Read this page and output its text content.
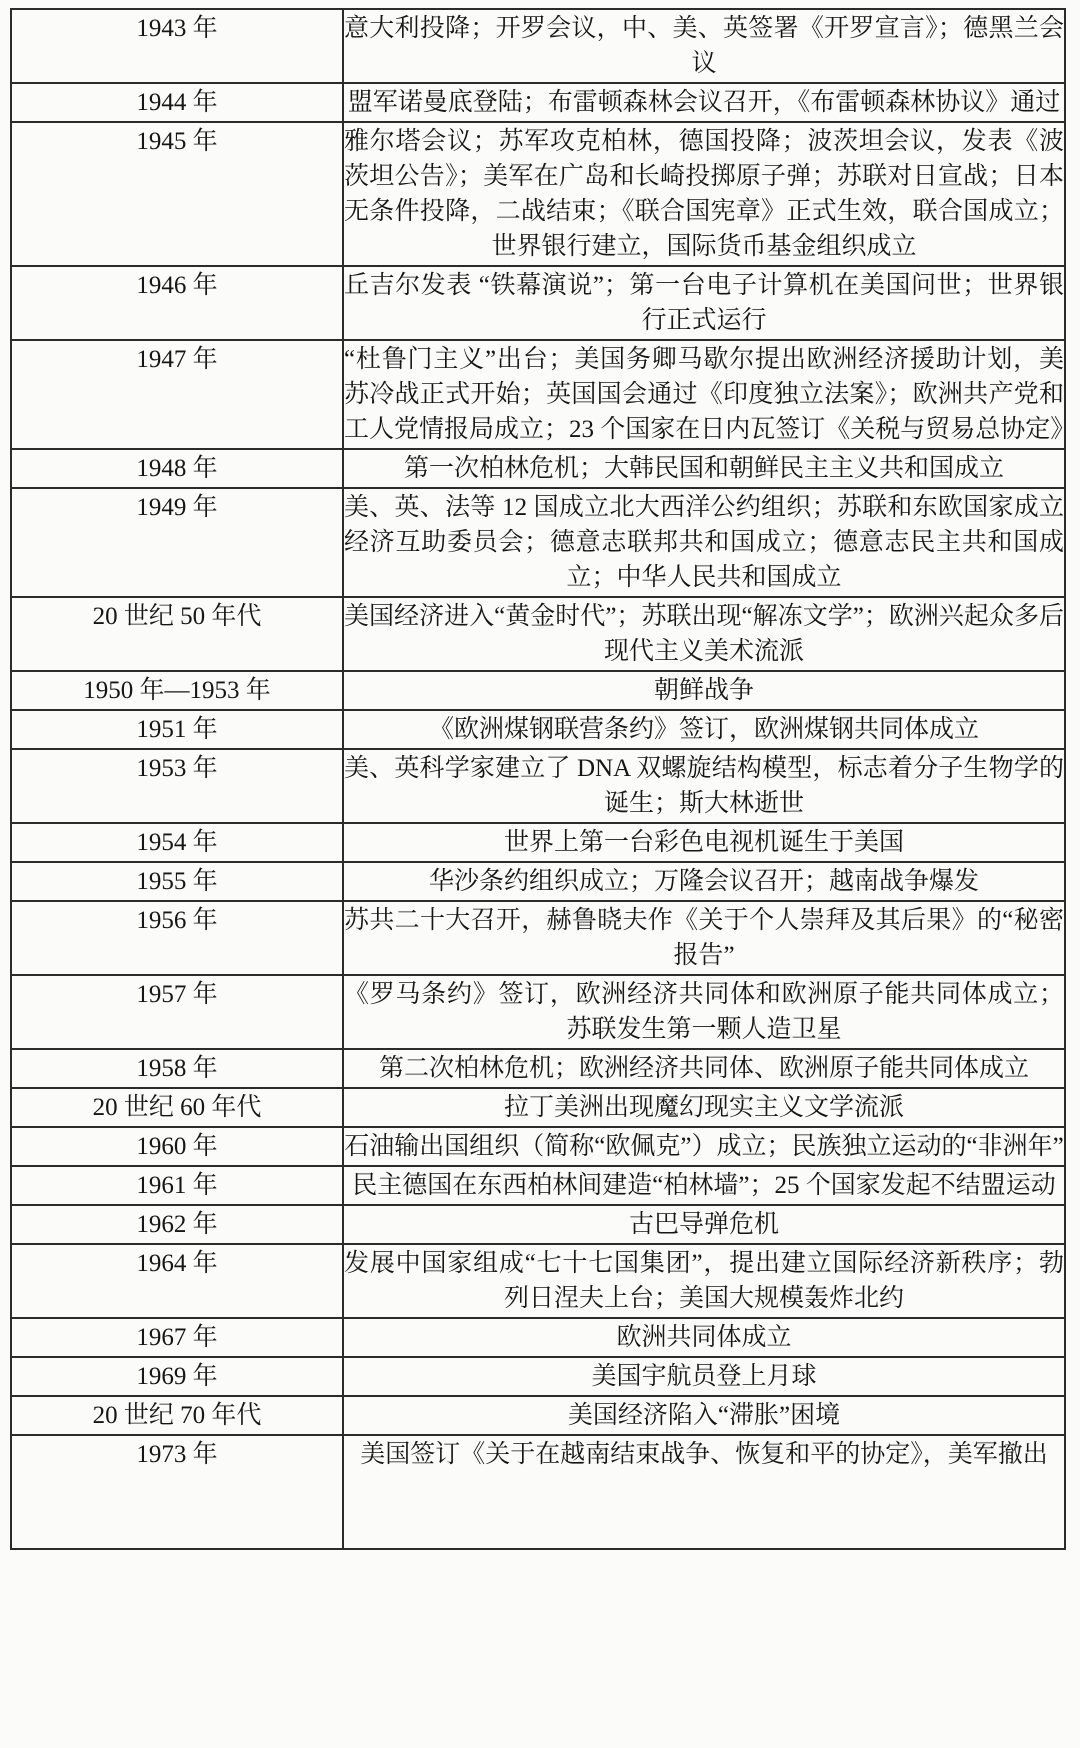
1943 年	意大利投降；开罗会议，中、美、英签署《开罗宣言》；德黑兰会议
1944 年	盟军诺曼底登陆；布雷顿森林会议召开，《布雷顿森林协议》通过
1945 年	雅尔塔会议；苏军攻克柏林，德国投降；波茨坦会议，发表《波茨坦公告》；美军在广岛和长崎投掷原子弹；苏联对日宣战；日本无条件投降，二战结束；《联合国宪章》正式生效，联合国成立；世界银行建立，国际货币基金组织成立
1946 年	丘吉尔发表 “铁幕演说”；第一台电子计算机在美国问世；世界银行正式运行
1947 年	“杜鲁门主义”出台；美国务卿马歇尔提出欧洲经济援助计划，美苏冷战正式开始；英国国会通过《印度独立法案》；欧洲共产党和工人党情报局成立；23 个国家在日内瓦签订《关税与贸易总协定》
1948 年	第一次柏林危机；大韩民国和朝鲜民主主义共和国成立
1949 年	美、英、法等 12 国成立北大西洋公约组织；苏联和东欧国家成立经济互助委员会；德意志联邦共和国成立；德意志民主共和国成立；中华人民共和国成立
20 世纪 50 年代	美国经济进入“黄金时代”；苏联出现“解冻文学”；欧洲兴起众多后现代主义美术流派
1950 年—1953 年	朝鲜战争
1951 年	《欧洲煤钢联营条约》签订，欧洲煤钢共同体成立
1953 年	美、英科学家建立了 DNA 双螺旋结构模型，标志着分子生物学的诞生；斯大林逝世
1954 年	世界上第一台彩色电视机诞生于美国
1955 年	华沙条约组织成立；万隆会议召开；越南战争爆发
1956 年	苏共二十大召开，赫鲁晓夫作《关于个人崇拜及其后果》的“秘密报告”
1957 年	《罗马条约》签订，欧洲经济共同体和欧洲原子能共同体成立；苏联发生第一颗人造卫星
1958 年	第二次柏林危机；欧洲经济共同体、欧洲原子能共同体成立
20 世纪 60 年代	拉丁美洲出现魔幻现实主义文学流派
1960 年	石油输出国组织（简称“欧佩克”）成立；民族独立运动的“非洲年”
1961 年	民主德国在东西柏林间建造“柏林墙”；25 个国家发起不结盟运动
1962 年	古巴导弹危机
1964 年	发展中国家组成“七十七国集团”，提出建立国际经济新秩序；勃列日涅夫上台；美国大规模轰炸北约
1967 年	欧洲共同体成立
1969 年	美国宇航员登上月球
20 世纪 70 年代	美国经济陷入“滞胀”困境
1973 年	美国签订《关于在越南结束战争、恢复和平的协定》，美军撤出
